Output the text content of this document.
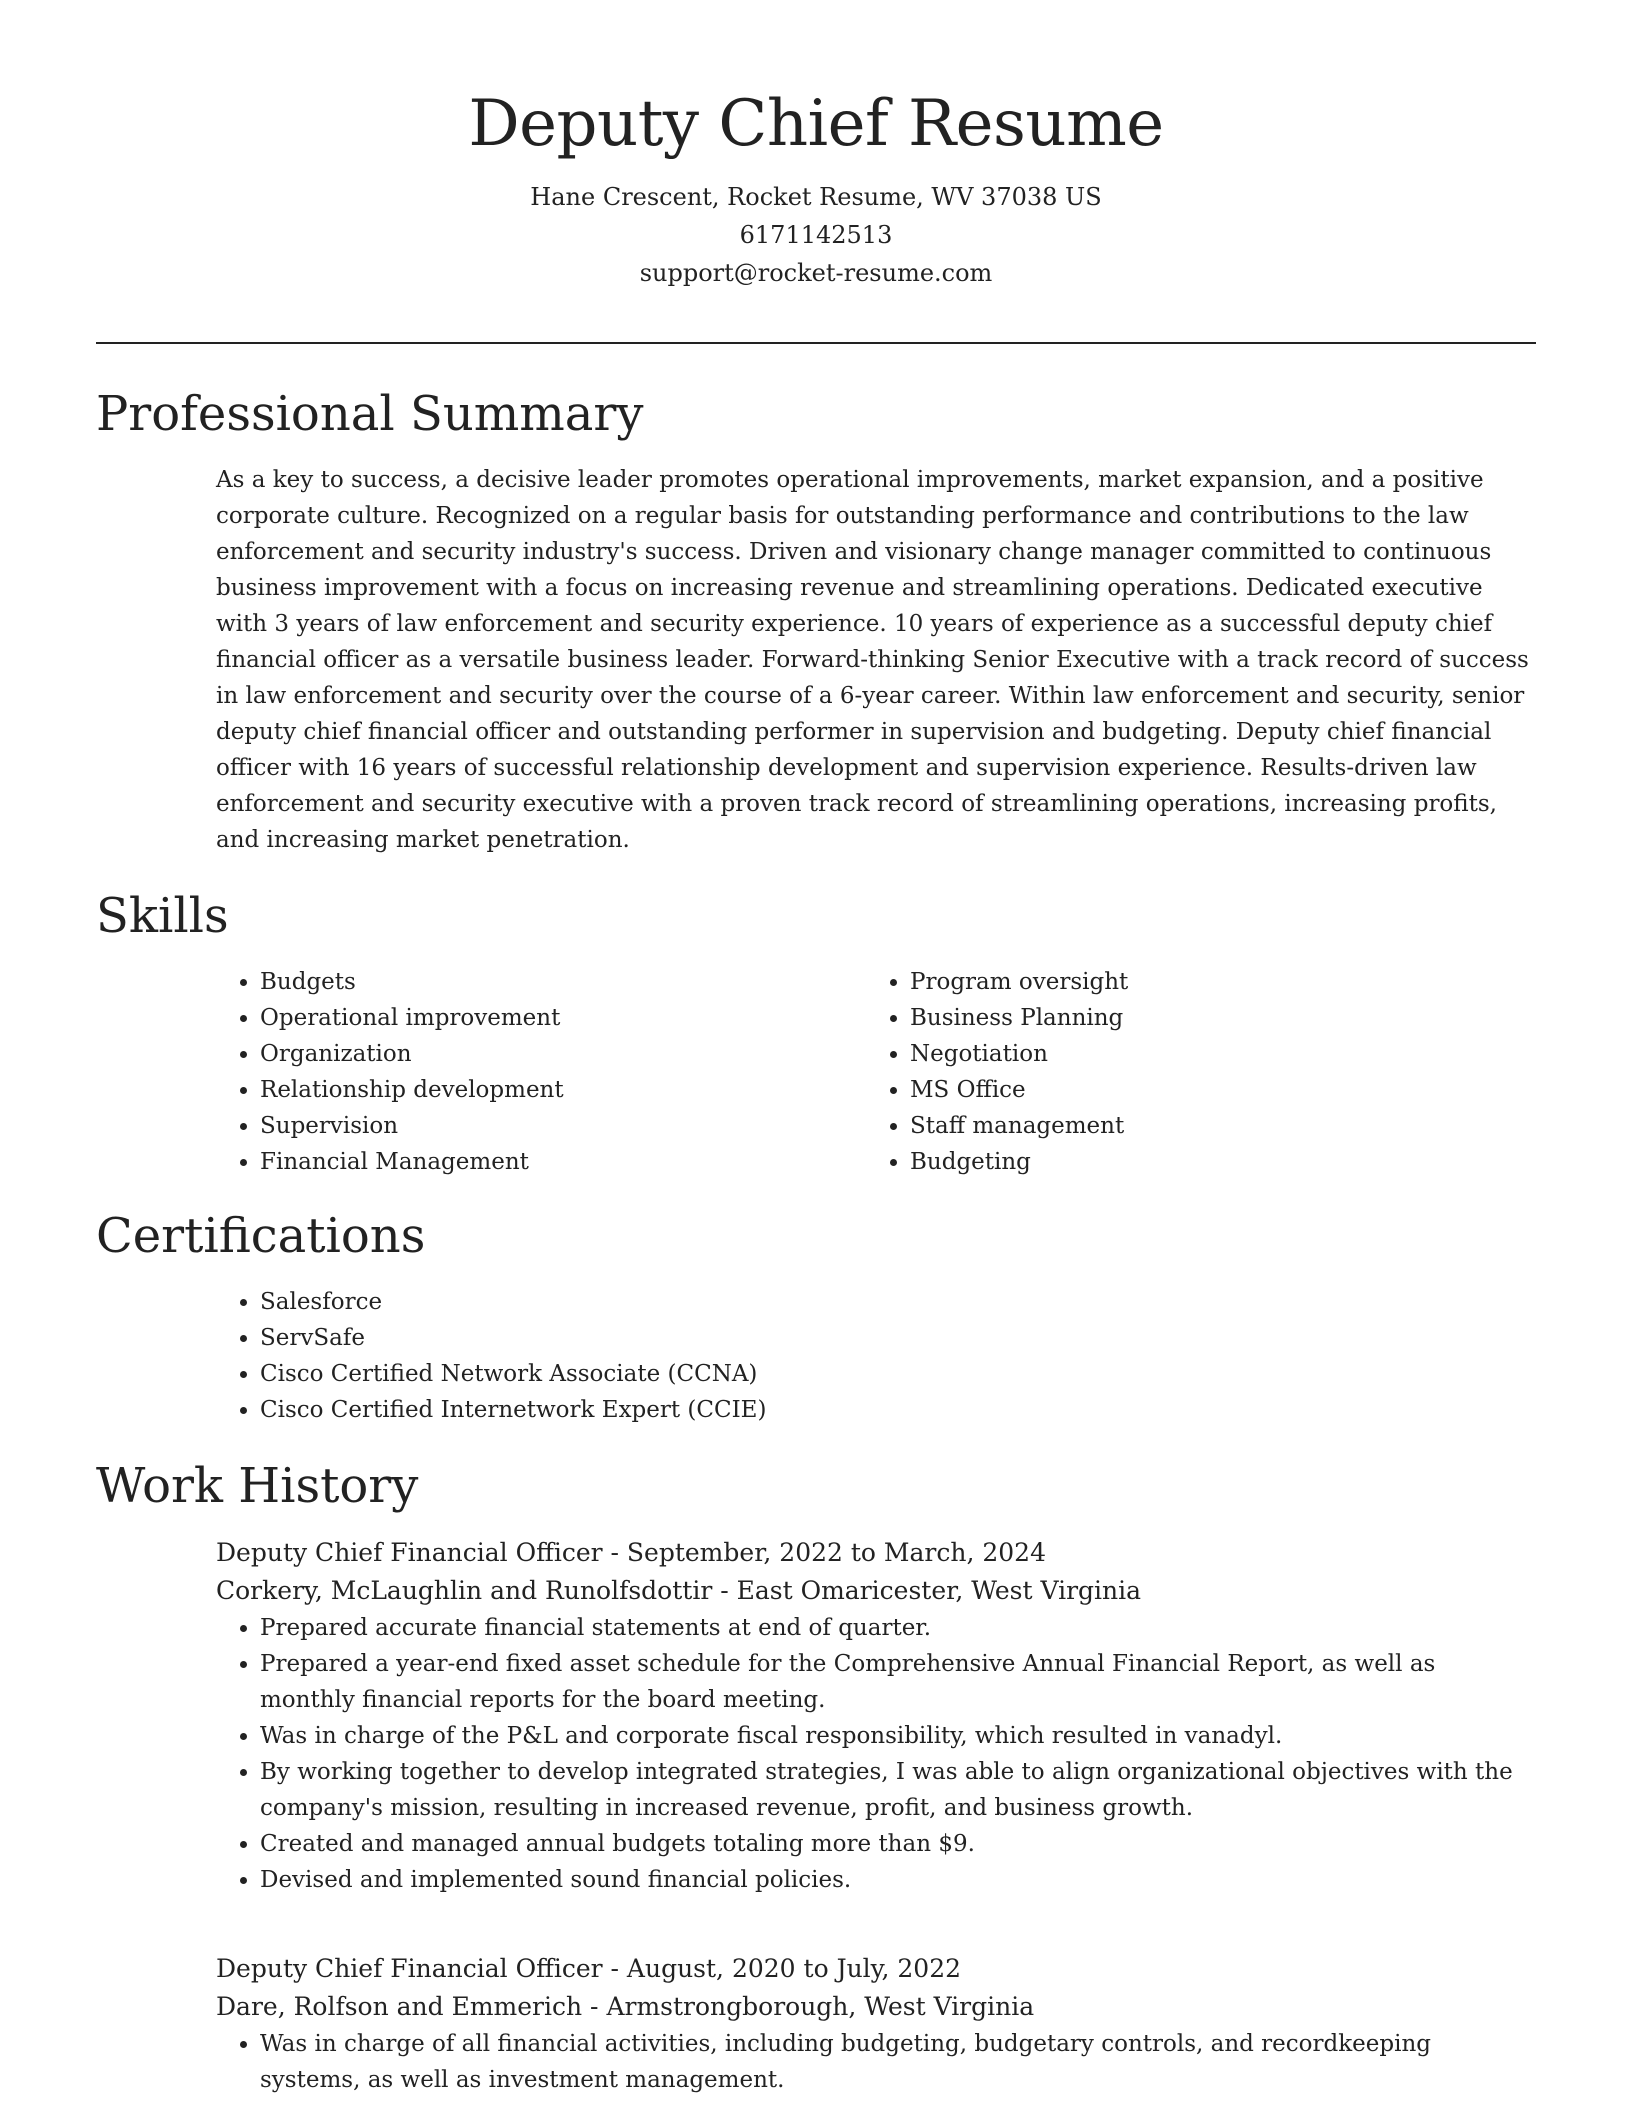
Deputy Chief Resume
Hane Crescent, Rocket Resume, WV 37038 US
6171142513
support@rocket-resume.com
Professional Summary

As a key to success, a decisive leader promotes operational improvements, market expansion, and a positive corporate culture. Recognized on a regular basis for outstanding performance and contributions to the law enforcement and security industry's success. Driven and visionary change manager committed to continuous business improvement with a focus on increasing revenue and streamlining operations. Dedicated executive with 3 years of law enforcement and security experience. 10 years of experience as a successful deputy chief financial officer as a versatile business leader. Forward-thinking Senior Executive with a track record of success in law enforcement and security over the course of a 6-year career. Within law enforcement and security, senior deputy chief financial officer and outstanding performer in supervision and budgeting. Deputy chief financial officer with 16 years of successful relationship development and supervision experience. Results-driven law enforcement and security executive with a proven track record of streamlining operations, increasing profits, and increasing market penetration.

Skills
• Budgets
• Operational improvement
• Organization
• Relationship development
• Supervision
• Financial Management
• Program oversight
• Business Planning
• Negotiation
• MS Office
• Staff management
• Budgeting
Certifications
• Salesforce
• ServSafe
• Cisco Certified Network Associate (CCNA)
• Cisco Certified Internetwork Expert (CCIE)
Work History
Deputy Chief Financial Officer - September, 2022 to March, 2024
Corkery, McLaughlin and Runolfsdottir - East Omaricester, West Virginia
• Prepared accurate financial statements at end of quarter.
• Prepared a year-end fixed asset schedule for the Comprehensive Annual Financial Report, as well as monthly financial reports for the board meeting.
• Was in charge of the P&L and corporate fiscal responsibility, which resulted in vanadyl.
• By working together to develop integrated strategies, I was able to align organizational objectives with the company's mission, resulting in increased revenue, profit, and business growth.
• Created and managed annual budgets totaling more than $9.
• Devised and implemented sound financial policies.
Deputy Chief Financial Officer - August, 2020 to July, 2022
Dare, Rolfson and Emmerich - Armstrongborough, West Virginia
• Was in charge of all financial activities, including budgeting, budgetary controls, and recordkeeping systems, as well as investment management.
